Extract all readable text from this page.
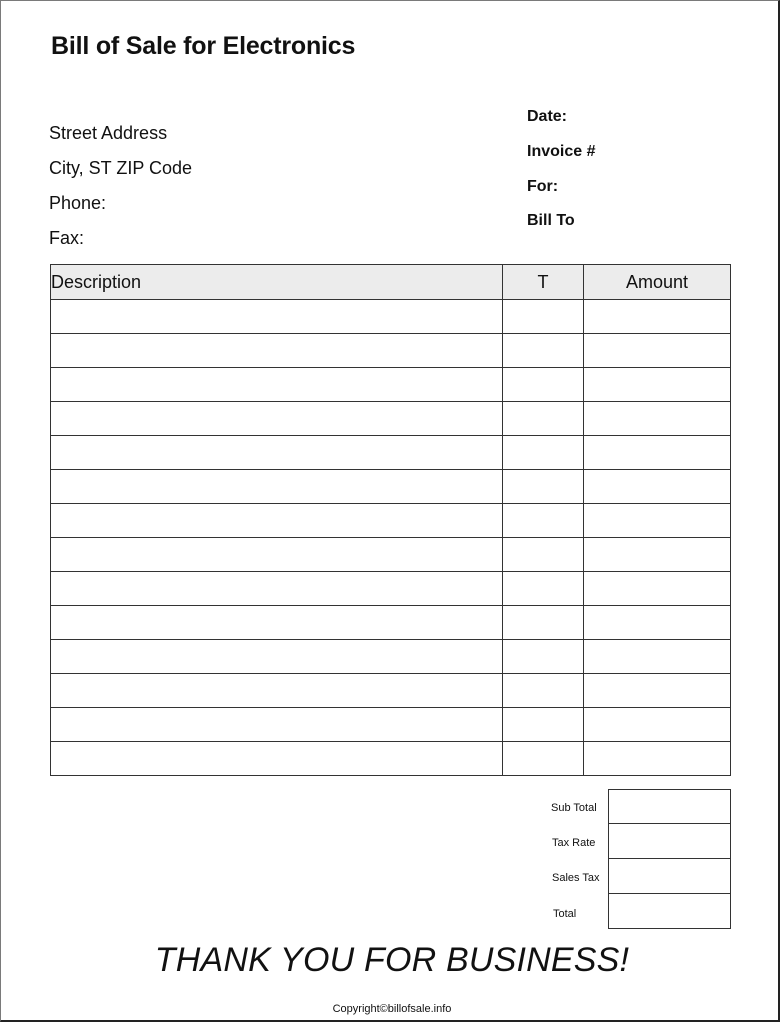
Bill of Sale for Electronics
Street Address
City, ST ZIP Code
Phone:
Fax:
Date:
Invoice #
For:
Bill To
Description	T	Amount

Sub Total
Tax Rate
Sales Tax
Total
THANK YOU FOR BUSINESS!
Copyright©billofsale.info
